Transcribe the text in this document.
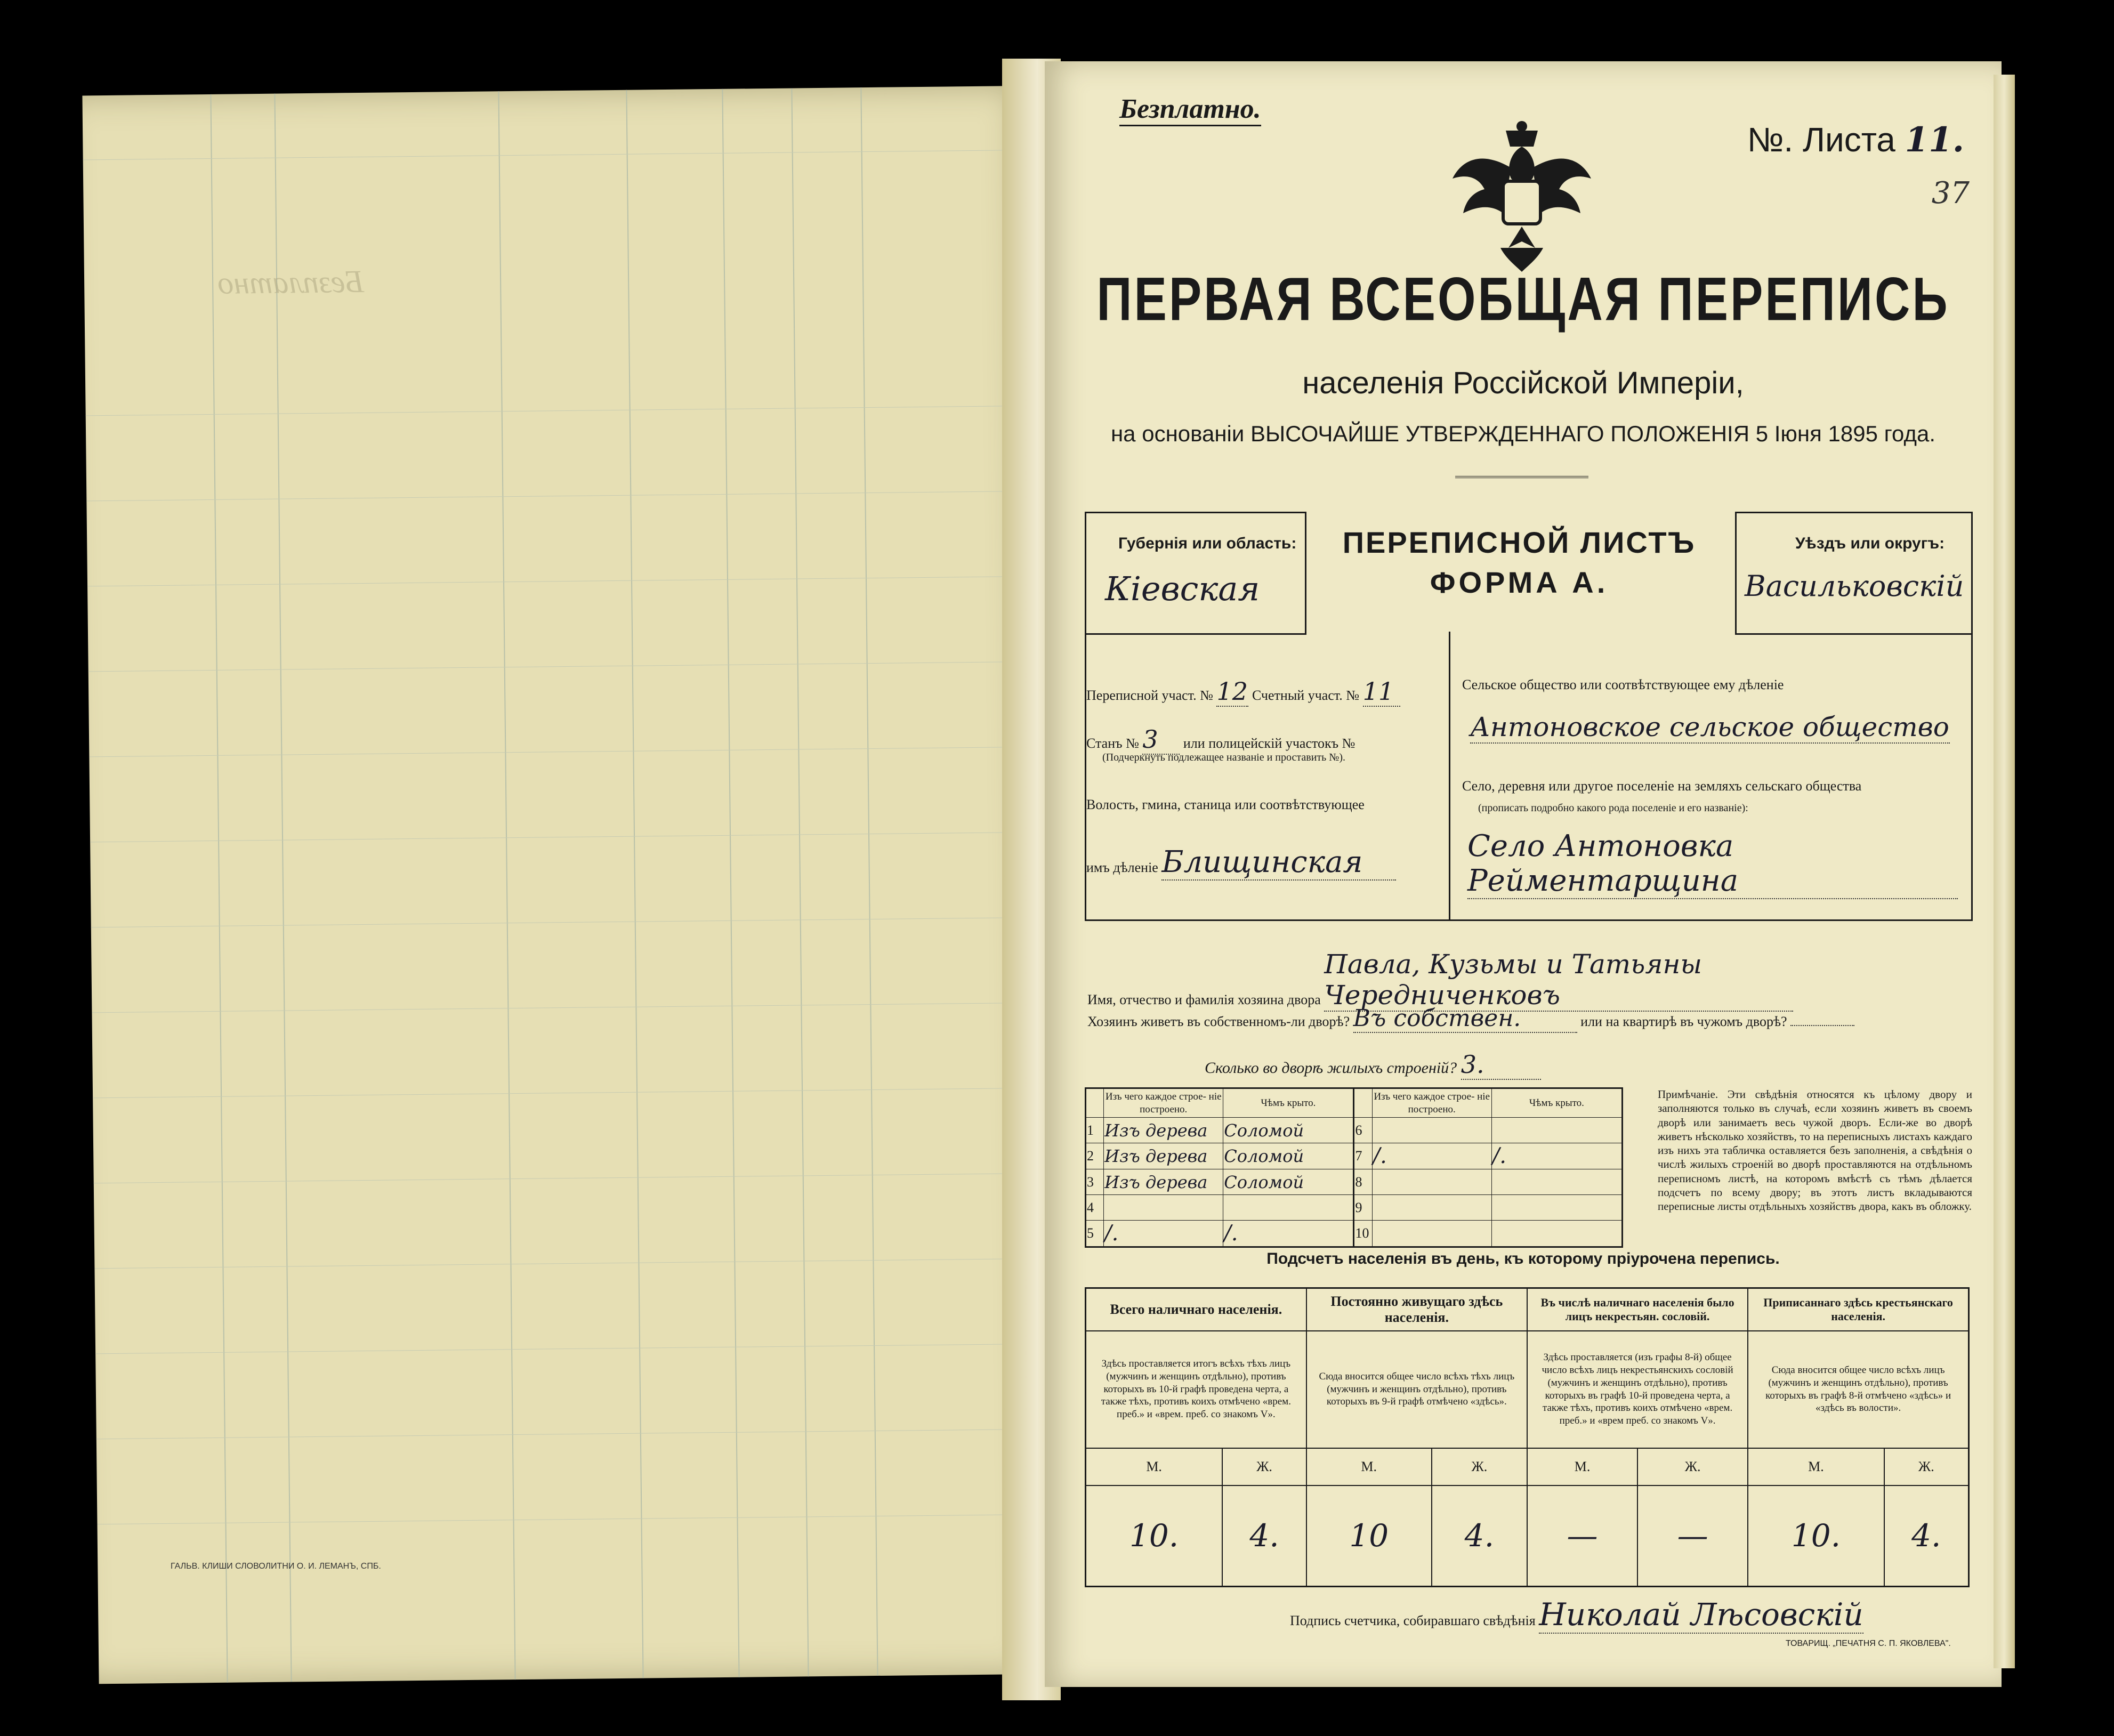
Безплатно
Безплатно.
№. Листа 11.
37
ПЕРВАЯ ВСЕОБЩАЯ ПЕРЕПИСЬ
населенія Россійской Имперіи,
на основаніи ВЫСОЧАЙШЕ УТВЕРЖДЕННАГО ПОЛОЖЕНІЯ 5 Іюня 1895 года.
Губернія или область:
Кіевская
ПЕРЕПИСНОЙ ЛИСТЪ
ФОРМА А.
Уѣздъ или округъ:
Васильковскій
Переписной участ. № 12 Счетный участ. № 11
Станъ № 3 или полицейскій участокъ №
(Подчеркнуть подлежащее названіе и проставить №).
Волость, гмина, станица или соотвѣтствующее
имъ дѣленіе Блищинская
Сельское общество или соотвѣтствующее ему дѣленіе
Антоновское сельское общество
Село, деревня или другое поселеніе на земляхъ сельскаго общества
(прописать подробно какого рода поселеніе и его названіе):
Село Антоновка Рейментарщина
Имя, отчество и фамилія хозяина двора Павла, Кузьмы и Татьяны Чередниченковъ
Хозяинъ живетъ въ собственномъ-ли дворѣ? Въ собствен.	или на квартирѣ въ чужомъ дворѣ?
Сколько во дворѣ жилыхъ строеній? 3.
	Изъ чего каждое строе- ніе построено.	Чѣмъ крыто.		Изъ чего каждое строе- ніе построено.	Чѣмъ крыто.
1	Изъ дерева	Соломой	6		
2	Изъ дерева	Соломой	7	/.	/.
3	Изъ дерева	Соломой	8		
4			9		
5	/.	/.	10		
Примѣчаніе. Эти свѣдѣнія относятся къ цѣлому двору и заполняются только въ случаѣ, если хозяинъ живетъ въ своемъ дворѣ или занимаетъ весь чужой дворъ. Если-же во дворѣ живетъ нѣсколько хозяйствъ, то на переписныхъ листахъ каждаго изъ нихъ эта табличка оставляется безъ заполненія, а свѣдѣнія о числѣ жилыхъ строеній во дворѣ проставляются на отдѣльномъ переписномъ листѣ, на которомъ вмѣстѣ съ тѣмъ дѣлается подсчетъ по всему двору; въ этотъ листъ вкладываются переписные листы отдѣльныхъ хозяйствъ двора, какъ въ обложку.
Подсчетъ населенія въ день, къ которому пріурочена перепись.
Всего наличнаго населенія.		Постоянно живущаго здѣсь населенія.		Въ числѣ наличнаго населенія было лицъ некрестьян. сословій.		Приписаннаго здѣсь крестьянскаго населенія.	
Здѣсь проставляется итогъ всѣхъ тѣхъ лицъ (мужчинъ и женщинъ отдѣльно), противъ которыхъ въ 10-й графѣ проведена черта, а также тѣхъ, противъ коихъ отмѣчено «врем. преб.» и «врем. преб. со знакомъ V».		Сюда вносится общее число всѣхъ тѣхъ лицъ (мужчинъ и женщинъ отдѣльно), противъ которыхъ въ 9-й графѣ отмѣчено «здѣсь».		Здѣсь проставляется (изъ графы 8-й) общее число всѣхъ лицъ некрестьянскихъ сословій (мужчинъ и женщинъ отдѣльно), противъ которыхъ въ графѣ 10-й проведена черта, а также тѣхъ, противъ коихъ отмѣчено «врем. преб.» и «врем преб. со знакомъ V».		Сюда вносится общее число всѣхъ лицъ (мужчинъ и женщинъ отдѣльно), противъ которыхъ въ графѣ 8-й отмѣчено «здѣсь» и «здѣсь въ волости».	
М.	Ж.	М.	Ж.	М.	Ж.	М.	Ж.
10.	4.	10	4.	—	—	10.	4.
Подпись счетчика, собиравшаго свѣдѣнія Николай Лѣсовскій
ТОВАРИЩ. „ПЕЧАТНЯ С. П. ЯКОВЛЕВА".
ГАЛЬВ. КЛИШИ СЛОВОЛИТНИ О. И. ЛЕМАНЪ, СПБ.
